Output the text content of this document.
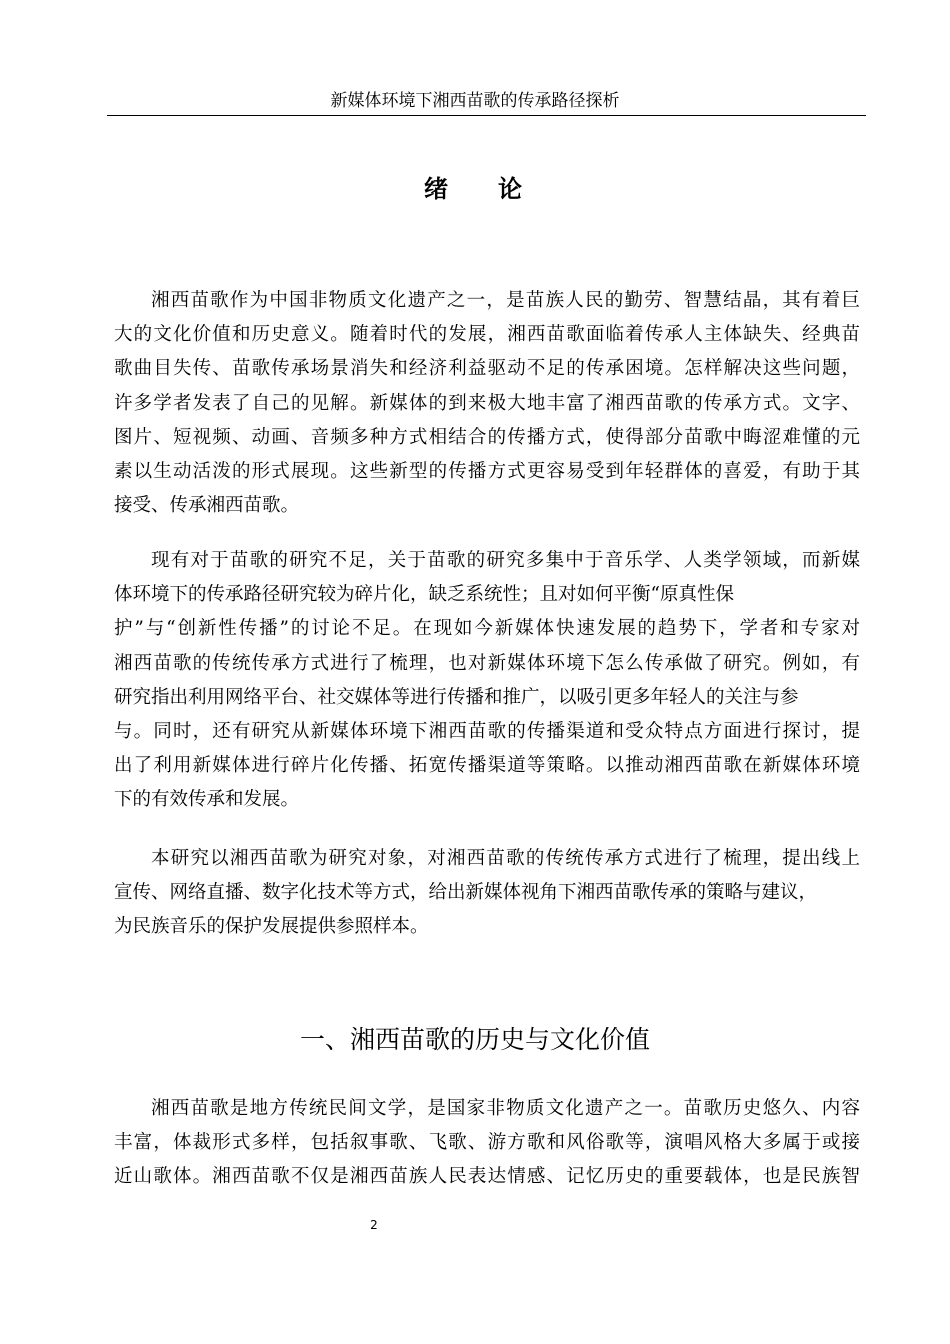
新媒体环境下湘西苗歌的传承路径探析
绪 论
湘西苗歌作为中国非物质文化遗产之一，是苗族人民的勤劳、智慧结晶，其有着巨
大的文化价值和历史意义。随着时代的发展，湘西苗歌面临着传承人主体缺失、经典苗
歌曲目失传、苗歌传承场景消失和经济利益驱动不足的传承困境。怎样解决这些问题，
许多学者发表了自己的见解。新媒体的到来极大地丰富了湘西苗歌的传承方式。文字、
图片、短视频、动画、音频多种方式相结合的传播方式，使得部分苗歌中晦涩难懂的元
素以生动活泼的形式展现。这些新型的传播方式更容易受到年轻群体的喜爱，有助于其
接受、传承湘西苗歌。
现有对于苗歌的研究不足，关于苗歌的研究多集中于音乐学、人类学领域，而新媒
体环境下的传承路径研究较为碎片化，缺乏系统性；且对如何平衡“原真性保
护”与“创新性传播”的讨论不足。在现如今新媒体快速发展的趋势下，学者和专家对
湘西苗歌的传统传承方式进行了梳理，也对新媒体环境下怎么传承做了研究。例如，有
研究指出利用网络平台、社交媒体等进行传播和推广，以吸引更多年轻人的关注与参
与。同时，还有研究从新媒体环境下湘西苗歌的传播渠道和受众特点方面进行探讨，提
出了利用新媒体进行碎片化传播、拓宽传播渠道等策略。以推动湘西苗歌在新媒体环境
下的有效传承和发展。
本研究以湘西苗歌为研究对象，对湘西苗歌的传统传承方式进行了梳理，提出线上
宣传、网络直播、数字化技术等方式，给出新媒体视角下湘西苗歌传承的策略与建议，
为民族音乐的保护发展提供参照样本。
一、湘西苗歌的历史与文化价值
湘西苗歌是地方传统民间文学，是国家非物质文化遗产之一。苗歌历史悠久、内容
丰富，体裁形式多样，包括叙事歌、飞歌、游方歌和风俗歌等，演唱风格大多属于或接
近山歌体。湘西苗歌不仅是湘西苗族人民表达情感、记忆历史的重要载体，也是民族智
2
